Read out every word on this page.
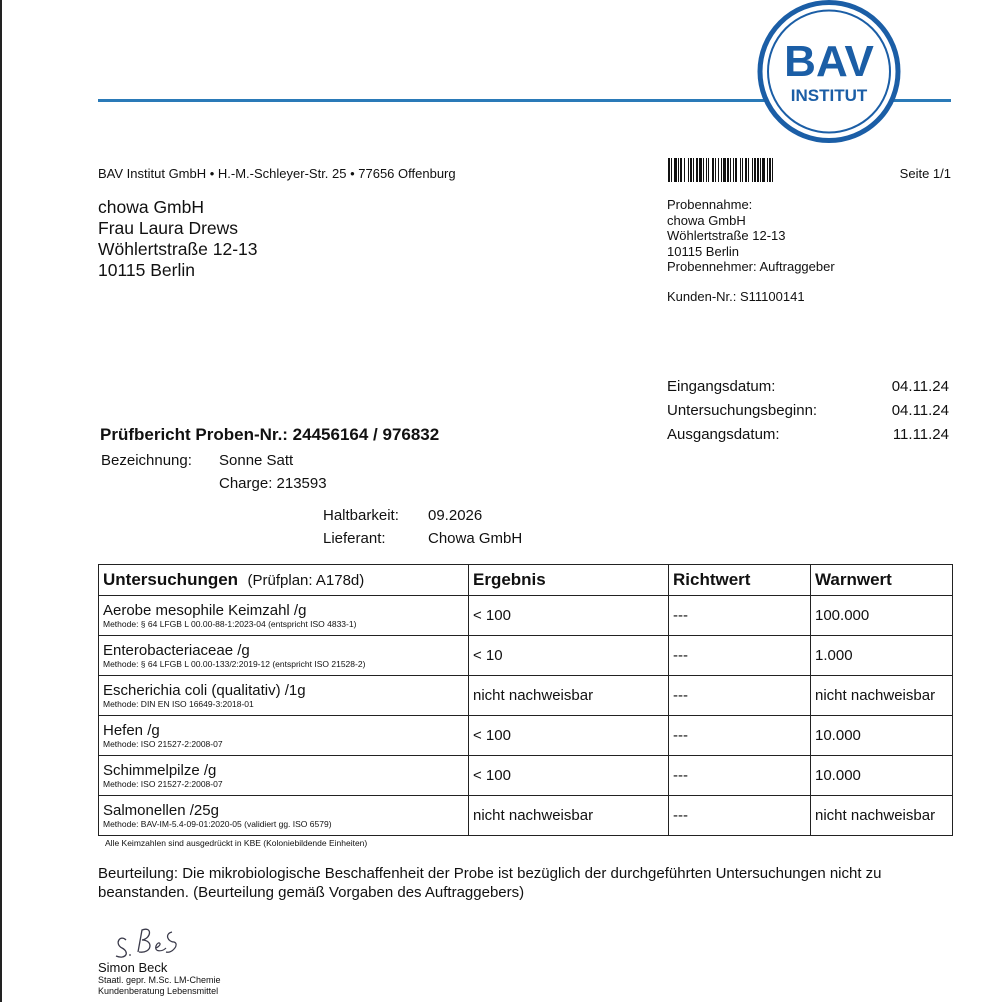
BAV
INSTITUT
BAV Institut GmbH • H.-M.-Schleyer-Str. 25 • 77656 Offenburg	Seite 1/1
chowa GmbH
Frau Laura Drews
Wöhlertstraße 12-13
10115 Berlin
Probennahme:
chowa GmbH
Wöhlertstraße 12-13
10115 Berlin
Probennehmer: Auftraggeber
Kunden-Nr.: S11100141
Eingangsdatum:	04.11.24
Untersuchungsbeginn:	04.11.24
Ausgangsdatum:	11.11.24
Prüfbericht Proben-Nr.: 24456164 / 976832
Bezeichnung: Sonne Satt
Charge: 213593
Haltbarkeit: 09.2026
Lieferant:	Chowa GmbH
Untersuchungen (Prüfplan: A178d)	Ergebnis	Richtwert	Warnwert

Aerobe mesophile Keimzahl /g
Methode: § 64 LFGB L 00.00-88-1:2023-04 (entspricht ISO 4833-1)	< 100	---	100.000

Enterobacteriaceae /g
Methode: § 64 LFGB L 00.00-133/2:2019-12 (entspricht ISO 21528-2)	< 10	---	1.000

Escherichia coli (qualitativ) /1g
Methode: DIN EN ISO 16649-3:2018-01	nicht nachweisbar	---	nicht nachweisbar

Hefen /g
Methode: ISO 21527-2:2008-07	< 100	---	10.000

Schimmelpilze /g
Methode: ISO 21527-2:2008-07	< 100	---	10.000

Salmonellen /25g
Methode: BAV-IM-5.4-09-01:2020-05 (validiert gg. ISO 6579)	nicht nachweisbar	---	nicht nachweisbar
Alle Keimzahlen sind ausgedrückt in KBE (Koloniebildende Einheiten)
Beurteilung: Die mikrobiologische Beschaffenheit der Probe ist bezüglich der durchgeführten Untersuchungen nicht zu beanstanden. (Beurteilung gemäß Vorgaben des Auftraggebers)
Simon Beck
Staatl. gepr. M.Sc. LM-Chemie
Kundenberatung Lebensmittel
